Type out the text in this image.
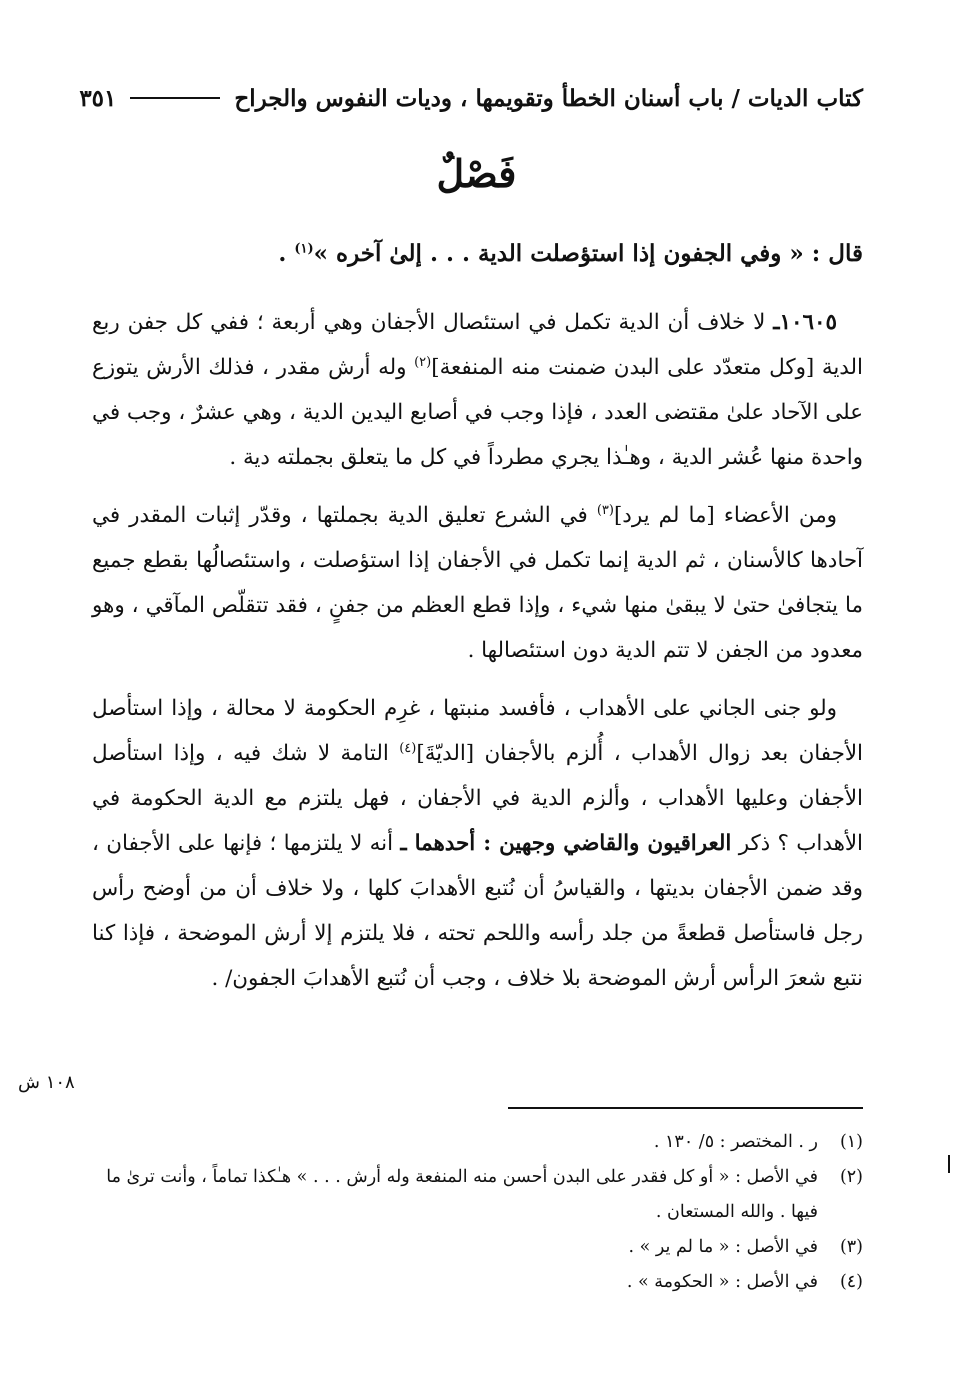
كتاب الديات / باب أسنان الخطأ وتقويمها ، وديات النفوس والجراح
٣٥١
فَصْلٌ
قال : « وفي الجفون إذا استؤصلت الدية . . . إلىٰ آخره »$^{(١)}$ .

١٠٦٠٥ـ لا خلاف أن الدية تكمل في استئصال الأجفان وهي أربعة ؛ ففي كل جفن ربع الدية [وكل متعدّد على البدن ضمنت منه المنفعة]$^{(٢)}$ وله أرش مقدر ، فذلك الأرش يتوزع على الآحاد علىٰ مقتضى العدد ، فإذا وجب في أصابع اليدين الدية ، وهي عشرٌ ، وجب في واحدة منها عُشر الدية ، وهـٰذا يجري مطرداً في كل ما يتعلق بجملته دية .

ومن الأعضاء [ما لم يرد]$^{(٣)}$ في الشرع تعليق الدية بجملتها ، وقدّر إثبات المقدر في آحادها كالأسنان ، ثم الدية إنما تكمل في الأجفان إذا استؤصلت ، واستئصالُها بقطع جميع ما يتجافىٰ حتىٰ لا يبقىٰ منها شيء ، وإذا قطع العظم من جفنٍ ، فقد تتقلّص المآقي ، وهو معدود من الجفن لا تتم الدية دون استئصالها .

ولو جنى الجاني على الأهداب ، فأفسد منبتها ، غرِم الحكومة لا محالة ، وإذا استأصل الأجفان بعد زوال الأهداب ، أُلزم بالأجفان [الديّةَ]$^{(٤)}$ التامة لا شك فيه ، وإذا استأصل الأجفان وعليها الأهداب ، وألزم الدية في الأجفان ، فهل يلتزم مع الدية الحكومة في الأهداب ؟ ذكر العراقيون والقاضي وجهين : أحدهما ـ أنه لا يلتزمها ؛ فإنها على الأجفان ، وقد ضمن الأجفان بديتها ، والقياسُ أن نُتبع الأهدابَ كلها ، ولا خلاف أن من أوضح رأس رجل فاستأصل قطعةً من جلد رأسه واللحم تحته ، فلا يلتزم إلا أرش الموضحة ، فإذا كنا نتبع شعرَ الرأس أرش الموضحة بلا خلاف ، وجب أن نُتبع الأهدابَ الجفون/ .

١٠٨ ش
(١)
ر . المختصر : ٥/ ١٣٠ .
(٢)
في الأصل : « أو كل فقدر على البدن أحسن منه المنفعة وله أرش . . . » هـٰكذا تماماً ، وأنت ترىٰ ما فيها . والله المستعان .
(٣)
في الأصل : « ما لم ير » .
(٤)
في الأصل : « الحكومة » .
